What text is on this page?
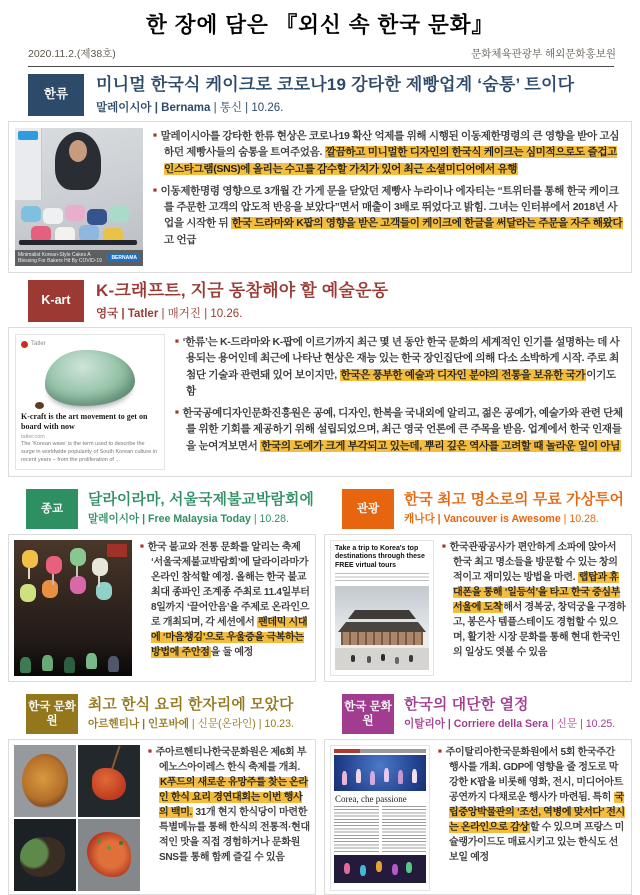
한 장에 담은 『외신 속 한국 문화』
2020.11.2.(제38호)	문화체육관광부 해외문화홍보원
한류	미니멀 한국식 케이크로 코로나19 강타한 제빵업계 ‘숨통’ 트이다
말레이시아 | Bernama | 통신 | 10.26.
Minimalist Korean-Style Cakes A Blessing For Bakers Hit By COVID-19
BERNAMA

■ 말레이시아를 강타한 한류 현상은 코로나19 확산 억제를 위해 시행된 이동제한명령의 큰 영향을 받아 고심하던 제빵사들의 숨통을 트여주었음. 깔끔하고 미니멀한 디자인의 한국식 케이크는 심미적으로도 즐겁고 인스타그램(SNS)에 올리는 수고를 감수할 가치가 있어 최근 소셜미디어에서 유행

■ 이동제한명령 영향으로 3개월 간 가게 문을 닫았던 제빵사 누라이나 에자티는 “트위터를 통해 한국 케이크를 주문한 고객의 압도적 반응을 보았다”면서 매출이 3배로 뛰었다고 밝힘. 그녀는 인터뷰에서 2018년 사업을 시작한 뒤 한국 드라마와 K팝의 영향을 받은 고객들이 케이크에 한글을 써달라는 주문을 자주 해왔다고 언급

K-art	K-크래프트, 지금 동참해야 할 예술운동
영국 | Tatler | 매거진 | 10.26.
Tatler
K-craft is the art movement to get on board with now
tatler.com
The ‘Korean wave’ is the term used to describe the surge in worldwide popularity of South Korean culture in recent years – from the proliferation of ...

■ ‘한류’는 K-드라마와 K-팝에 이르기까지 최근 몇 년 동안 한국 문화의 세계적인 인기를 설명하는 데 사용되는 용어인데 최근에 나타난 현상은 재능 있는 한국 장인집단에 의해 다소 소박하게 시작. 주로 최첨단 기술과 관련돼 있어 보이지만, 한국은 풍부한 예술과 디자인 분야의 전통을 보유한 국가이기도 함

■ 한국공예디자인문화진흥원은 공예, 디자인, 한복을 국내외에 알리고, 젊은 공예가, 예술가와 관련 단체를 위한 기회를 제공하기 위해 설립되었으며, 최근 영국 언론에 큰 주목을 받음. 업계에서 한국 인재들을 눈여겨보면서 한국의 도예가 크게 부각되고 있는데, 뿌리 깊은 역사를 고려할 때 놀라운 일이 아님

종교
달라이라마, 서울국제불교박람회에
말레이시아 | Free Malaysia Today | 10.28.

■ 한국 불교와 전통 문화를 알리는 축제 ‘서울국제불교박람회’에 달라이라마가 온라인 참석할 예정. 올해는 한국 불교 최대 종파인 조계종 주최로 11.4일부터 8일까지 ‘끌어안음’을 주제로 온라인으로 개최되며, 각 세션에서 팬데믹 시대에 ‘마음챙김’으로 우울증을 극복하는 방법에 주안점을 둘 예정

관광
한국 최고 명소로의 무료 가상투어
캐나다 | Vancouver is Awesome | 10.28.
Take a trip to Korea's top destinations through these FREE virtual tours

■ 한국관광공사가 편안하게 소파에 앉아서 한국 최고 명소들을 방문할 수 있는 창의적이고 재미있는 방법을 마련. 랩탑과 휴대폰을 통해 ‘일등석’을 타고 한국 중심부 서울에 도착해서 경복궁, 창덕궁을 구경하고, 봉은사 템플스테이도 경험할 수 있으며, 활기찬 시장 문화를 통해 현대 한국인의 일상도 엿볼 수 있음

한국 문화원
최고 한식 요리 한자리에 모았다
아르헨티나 | 인포바에 | 신문(온라인) | 10.23.

■ 주아르헨티나한국문화원은 제6회 부에노스아이레스 한식 축제를 개최. K푸드의 새로운 유망주를 찾는 온라인 한식 요리 경연대회는 이번 행사의 백미. 31개 현지 한식당이 마련한 특별메뉴를 통해 한식의 전통적·현대적인 맛을 직접 경험하거나 문화원 SNS를 통해 함께 즐길 수 있음

한국 문화원
한국의 대단한 열정
이탈리아 | Corriere della Sera | 신문 | 10.25.
Corea, che passione

■ 주이탈리아한국문화원에서 5회 한국주간 행사를 개최. GDP에 영향을 줄 정도로 막강한 K팝을 비롯해 영화, 전시, 미디어아트 공연까지 다채로운 행사가 마련됨. 특히 국립중앙박물관의 ‘조선, 역병에 맞서다’ 전시는 온라인으로 감상할 수 있으며 프랑스 미슐랭가이드도 매료시키고 있는 한식도 선보일 예정
